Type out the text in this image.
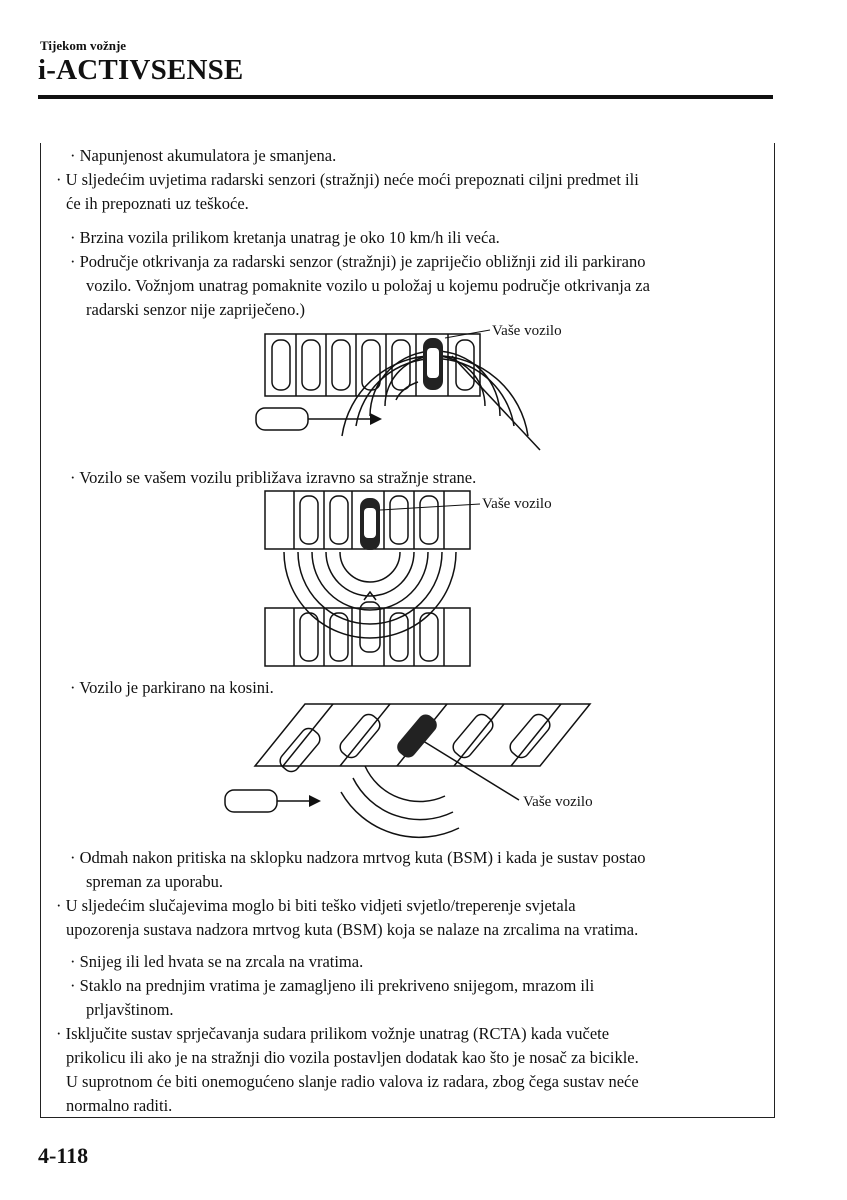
Tijekom vožnje
i-ACTIVSENSE
· Napunjenost akumulatora je smanjena.
· U sljedećim uvjetima radarski senzori (stražnji) neće moći prepoznati ciljni predmet ili
će ih prepoznati uz teškoće.
· Brzina vozila prilikom kretanja unatrag je oko 10 km/h ili veća.
· Područje otkrivanja za radarski senzor (stražnji) je zapriječio obližnji zid ili parkirano
vozilo. Vožnjom unatrag pomaknite vozilo u položaj u kojemu područje otkrivanja za
radarski senzor nije zapriječeno.)
Vaše vozilo
· Vozilo se vašem vozilu približava izravno sa stražnje strane.
Vaše vozilo
· Vozilo je parkirano na kosini.
Vaše vozilo
· Odmah nakon pritiska na sklopku nadzora mrtvog kuta (BSM) i kada je sustav postao
spreman za uporabu.
· U sljedećim slučajevima moglo bi biti teško vidjeti svjetlo/treperenje svjetala
upozorenja sustava nadzora mrtvog kuta (BSM) koja se nalaze na zrcalima na vratima.
· Snijeg ili led hvata se na zrcala na vratima.
· Staklo na prednjim vratima je zamagljeno ili prekriveno snijegom, mrazom ili
prljavštinom.
· Isključite sustav sprječavanja sudara prilikom vožnje unatrag (RCTA) kada vučete
prikolicu ili ako je na stražnji dio vozila postavljen dodatak kao što je nosač za bicikle.
U suprotnom će biti onemogućeno slanje radio valova iz radara, zbog čega sustav neće
normalno raditi.
4-118
